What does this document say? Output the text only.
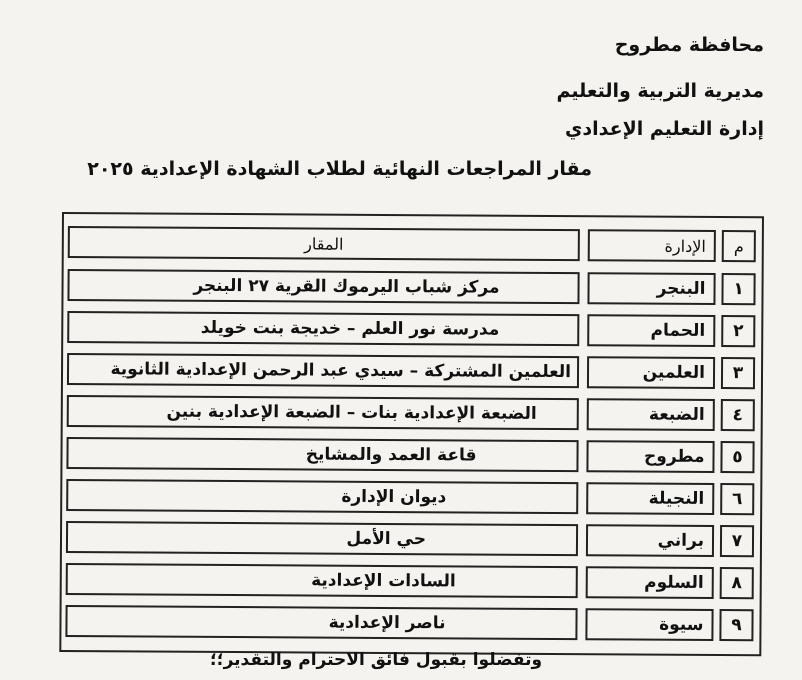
محافظة مطروح
مديرية التربية والتعليم
إدارة التعليم الإعدادي
مقار المراجعات النهائية لطلاب الشهادة الإعدادية ٢٠٢٥
م
الإدارة
المقار
١
البنجر
مركز شباب اليرموك القرية ٢٧ البنجر
٢
الحمام
مدرسة نور العلم – خديجة بنت خويلد
٣
العلمين
العلمين المشتركة – سيدي عبد الرحمن الإعدادية الثانوية
٤
الضبعة
الضبعة الإعدادية بنات – الضبعة الإعدادية بنين
٥
مطروح
قاعة العمد والمشايخ
٦
النجيلة
ديوان الإدارة
٧
براني
حي الأمل
٨
السلوم
السادات الإعدادية
٩
سيوة
ناصر الإعدادية
وتفضلوا بقبول فائق الاحترام والتقدير؛؛
